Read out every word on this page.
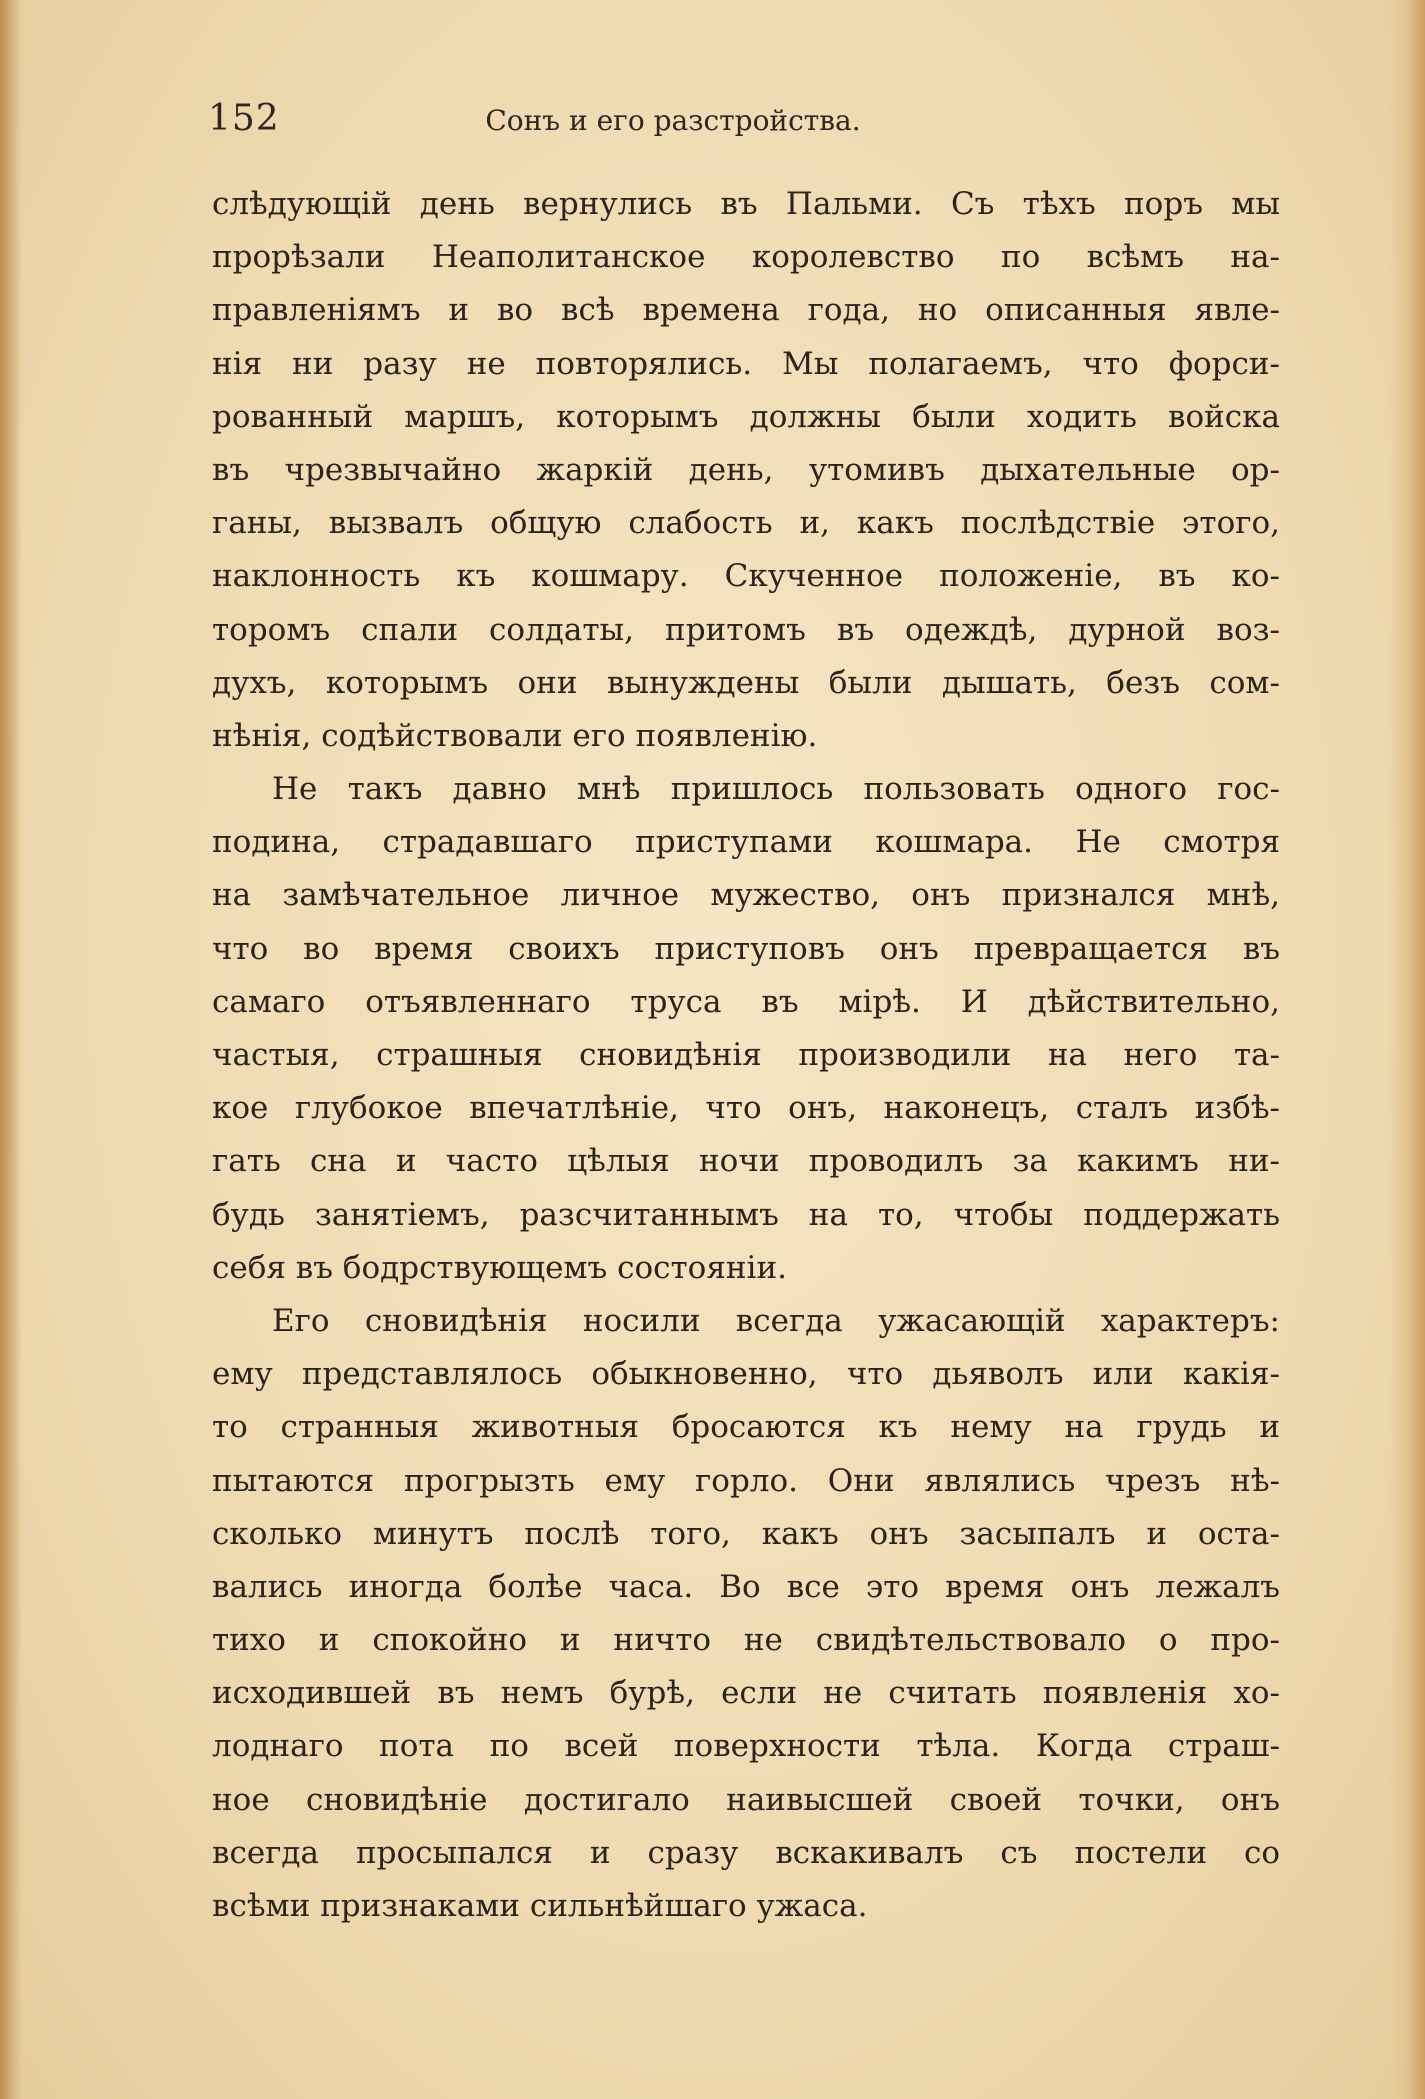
152	Сонъ и его разстройства.
слѣдующій день вернулись въ Пальми. Съ тѣхъ поръ мы
прорѣзали Неаполитанское королевство по всѣмъ на-
правленіямъ и во всѣ времена года, но описанныя явле-
нія ни разу не повторялись. Мы полагаемъ, что форси-
рованный маршъ, которымъ должны были ходить войска
въ чрезвычайно жаркій день, утомивъ дыхательные ор-
ганы, вызвалъ общую слабость и, какъ послѣдствіе этого,
наклонность къ кошмару. Скученное положеніе, въ ко-
торомъ спали солдаты, притомъ въ одеждѣ, дурной воз-
духъ, которымъ они вынуждены были дышать, безъ сом-
нѣнія, содѣйствовали его появленію.
Не такъ давно мнѣ пришлось пользовать одного гос-
подина, страдавшаго приступами кошмара. Не смотря
на замѣчательное личное мужество, онъ признался мнѣ,
что во время своихъ приступовъ онъ превращается въ
самаго отъявленнаго труса въ мірѣ. И дѣйствительно,
частыя, страшныя сновидѣнія производили на него та-
кое глубокое впечатлѣніе, что онъ, наконецъ, сталъ избѣ-
гать сна и часто цѣлыя ночи проводилъ за какимъ ни-
будь занятіемъ, разсчитаннымъ на то, чтобы поддержать
себя въ бодрствующемъ состояніи.
Его сновидѣнія носили всегда ужасающій характеръ:
ему представлялось обыкновенно, что дьяволъ или какія-
то странныя животныя бросаются къ нему на грудь и
пытаются прогрызть ему горло. Они являлись чрезъ нѣ-
сколько минутъ послѣ того, какъ онъ засыпалъ и оста-
вались иногда болѣе часа. Во все это время онъ лежалъ
тихо и спокойно и ничто не свидѣтельствовало о про-
исходившей въ немъ бурѣ, если не считать появленія хо-
лоднаго пота по всей поверхности тѣла. Когда страш-
ное сновидѣніе достигало наивысшей своей точки, онъ
всегда просыпался и сразу вскакивалъ съ постели со
всѣми признаками сильнѣйшаго ужаса.
